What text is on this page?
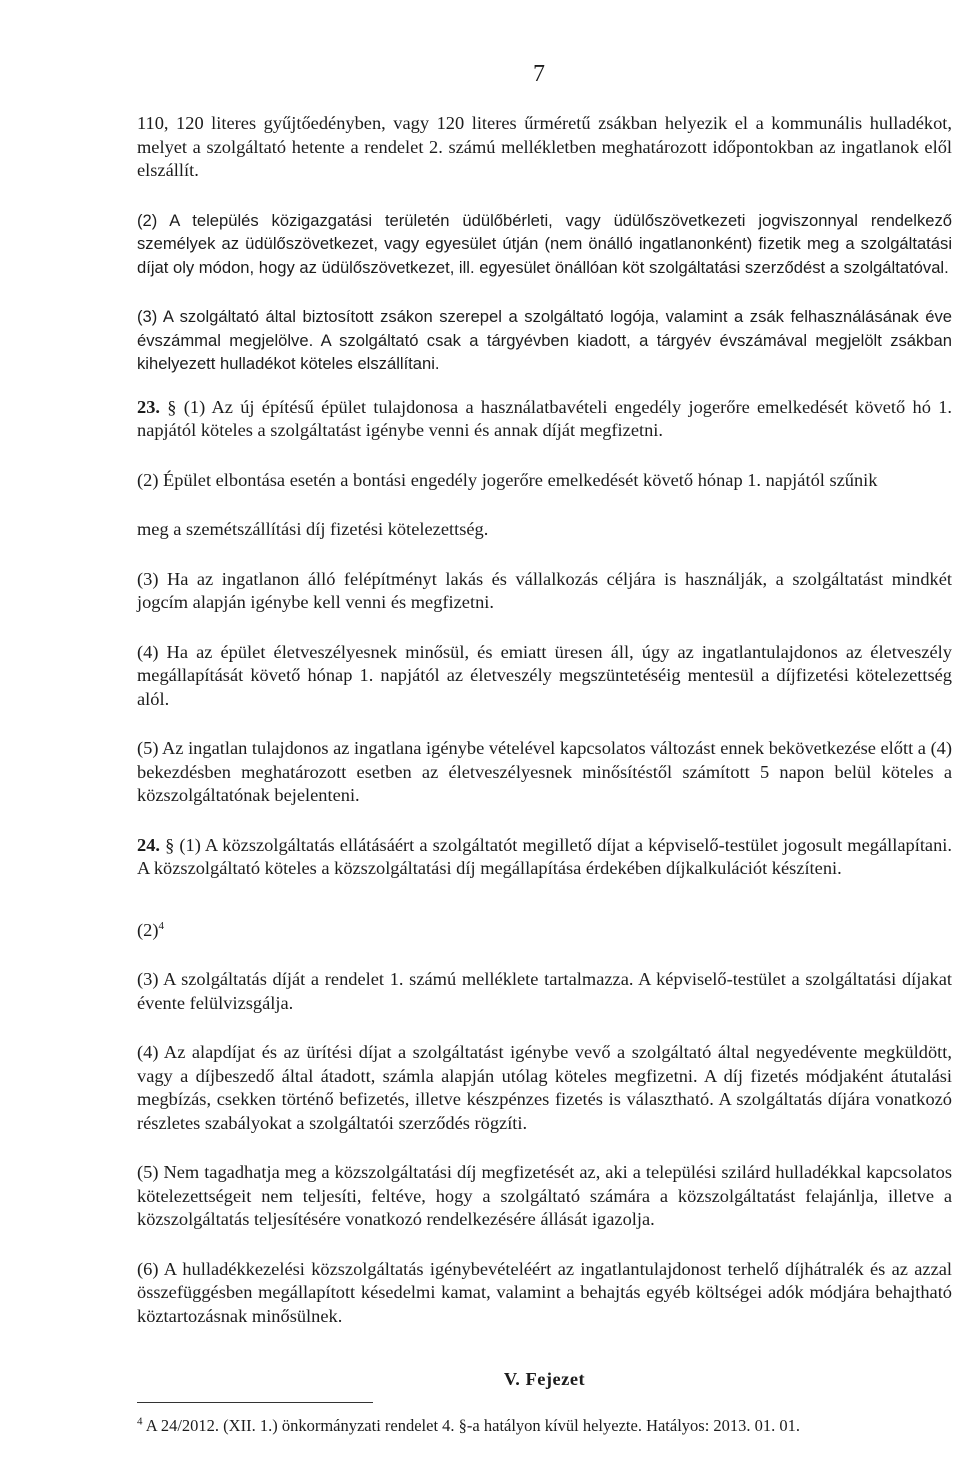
7

110, 120 literes gyűjtőedényben, vagy 120 literes űrméretű zsákban helyezik el a kommunális hulladékot, melyet a szolgáltató hetente a rendelet 2. számú mellékletben meghatározott időpontokban az ingatlanok elől elszállít.

(2) A település közigazgatási területén üdülőbérleti, vagy üdülőszövetkezeti jogviszonnyal rendelkező személyek az üdülőszövetkezet, vagy egyesület útján (nem önálló ingatlanonként) fizetik meg a szolgáltatási díjat oly módon, hogy az üdülőszövetkezet, ill. egyesület önállóan köt szolgáltatási szerződést a szolgáltatóval.

(3) A szolgáltató által biztosított zsákon szerepel a szolgáltató logója, valamint a zsák felhasználásának éve évszámmal megjelölve. A szolgáltató csak a tárgyévben kiadott, a tárgyév évszámával megjelölt zsákban kihelyezett hulladékot köteles elszállítani.

23. § (1) Az új építésű épület tulajdonosa a használatbavételi engedély jogerőre emelkedését követő hó 1. napjától köteles a szolgáltatást igénybe venni és annak díját megfizetni.

(2) Épület elbontása esetén a bontási engedély jogerőre emelkedését követő hónap 1. napjától szűnik

meg a szemétszállítási díj fizetési kötelezettség.

(3) Ha az ingatlanon álló felépítményt lakás és vállalkozás céljára is használják, a szolgáltatást mindkét jogcím alapján igénybe kell venni és megfizetni.

(4) Ha az épület életveszélyesnek minősül, és emiatt üresen áll, úgy az ingatlantulajdonos az életveszély megállapítását követő hónap 1. napjától az életveszély megszüntetéséig mentesül a díjfizetési kötelezettség alól.

(5) Az ingatlan tulajdonos az ingatlana igénybe vételével kapcsolatos változást ennek bekövetkezése előtt a (4) bekezdésben meghatározott esetben az életveszélyesnek minősítéstől számított 5 napon belül köteles a közszolgáltatónak bejelenteni.

24. § (1) A közszolgáltatás ellátásáért a szolgáltatót megillető díjat a képviselő-testület jogosult megállapítani. A közszolgáltató köteles a közszolgáltatási díj megállapítása érdekében díjkalkulációt készíteni.

$(2)^4$

(3) A szolgáltatás díját a rendelet 1. számú melléklete tartalmazza. A képviselő-testület a szolgáltatási díjakat évente felülvizsgálja.

(4) Az alapdíjat és az ürítési díjat a szolgáltatást igénybe vevő a szolgáltató által negyedévente megküldött, vagy a díjbeszedő által átadott, számla alapján utólag köteles megfizetni. A díj fizetés módjaként átutalási megbízás, csekken történő befizetés, illetve készpénzes fizetés is választható. A szolgáltatás díjára vonatkozó részletes szabályokat a szolgáltatói szerződés rögzíti.

(5) Nem tagadhatja meg a közszolgáltatási díj megfizetését az, aki a települési szilárd hulladékkal kapcsolatos kötelezettségeit nem teljesíti, feltéve, hogy a szolgáltató számára a közszolgáltatást felajánlja, illetve a közszolgáltatás teljesítésére vonatkozó rendelkezésére állását igazolja.

(6) A hulladékkezelési közszolgáltatás igénybevételéért az ingatlantulajdonost terhelő díjhátralék és az azzal összefüggésben megállapított késedelmi kamat, valamint a behajtás egyéb költségei adók módjára behajtható köztartozásnak minősülnek.

V. Fejezet

$^4$ A 24/2012. (XII. 1.) önkormányzati rendelet 4. §-a hatályon kívül helyezte. Hatályos: 2013. 01. 01.
